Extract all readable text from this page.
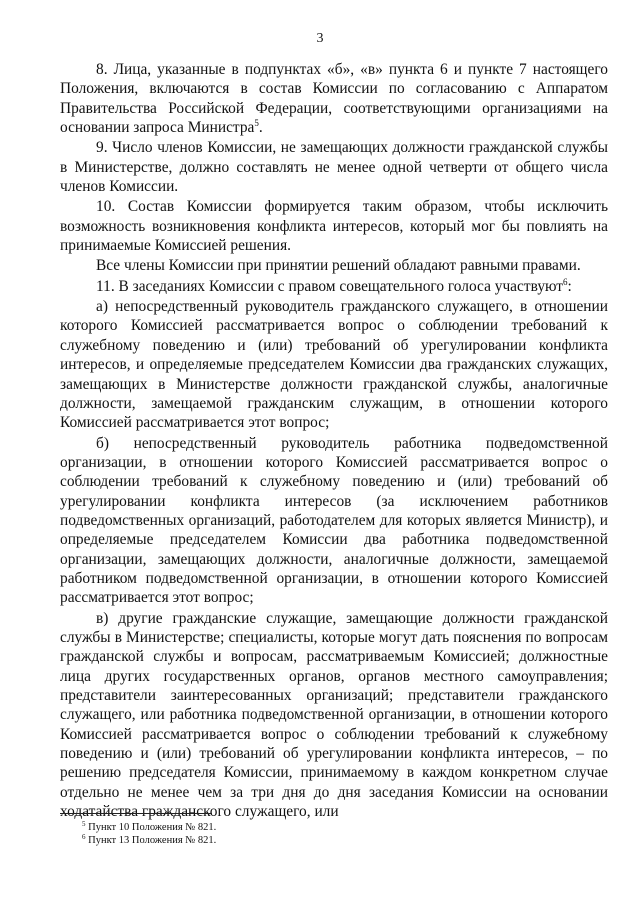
3

8. Лица, указанные в подпунктах «б», «в» пункта 6 и пункте 7 настоящего Положения, включаются в состав Комиссии по согласованию с Аппаратом Правительства Российской Федерации, соответствующими организациями на основании запроса Министра$^5$.

9. Число членов Комиссии, не замещающих должности гражданской службы в Министерстве, должно составлять не менее одной четверти от общего числа членов Комиссии.

10. Состав Комиссии формируется таким образом, чтобы исключить возможность возникновения конфликта интересов, который мог бы повлиять на принимаемые Комиссией решения.

Все члены Комиссии при принятии решений обладают равными правами.

11. В заседаниях Комиссии с правом совещательного голоса участвуют$^6$:

а) непосредственный руководитель гражданского служащего, в отношении которого Комиссией рассматривается вопрос о соблюдении требований к служебному поведению и (или) требований об урегулировании конфликта интересов, и определяемые председателем Комиссии два гражданских служащих, замещающих в Министерстве должности гражданской службы, аналогичные должности, замещаемой гражданским служащим, в отношении которого Комиссией рассматривается этот вопрос;

б) непосредственный руководитель работника подведомственной организации, в отношении которого Комиссией рассматривается вопрос о соблюдении требований к служебному поведению и (или) требований об урегулировании конфликта интересов (за исключением работников подведомственных организаций, работодателем для которых является Министр), и определяемые председателем Комиссии два работника подведомственной организации, замещающих должности, аналогичные должности, замещаемой работником подведомственной организации, в отношении которого Комиссией рассматривается этот вопрос;

в) другие гражданские служащие, замещающие должности гражданской службы в Министерстве; специалисты, которые могут дать пояснения по вопросам гражданской службы и вопросам, рассматриваемым Комиссией; должностные лица других государственных органов, органов местного самоуправления; представители заинтересованных организаций; представители гражданского служащего, или работника подведомственной организации, в отношении которого Комиссией рассматривается вопрос о соблюдении требований к служебному поведению и (или) требований об урегулировании конфликта интересов, – по решению председателя Комиссии, принимаемому в каждом конкретном случае отдельно не менее чем за три дня до дня заседания Комиссии на основании ходатайства гражданского служащего, или

$^5$ Пункт 10 Положения № 821.
$^6$ Пункт 13 Положения № 821.
